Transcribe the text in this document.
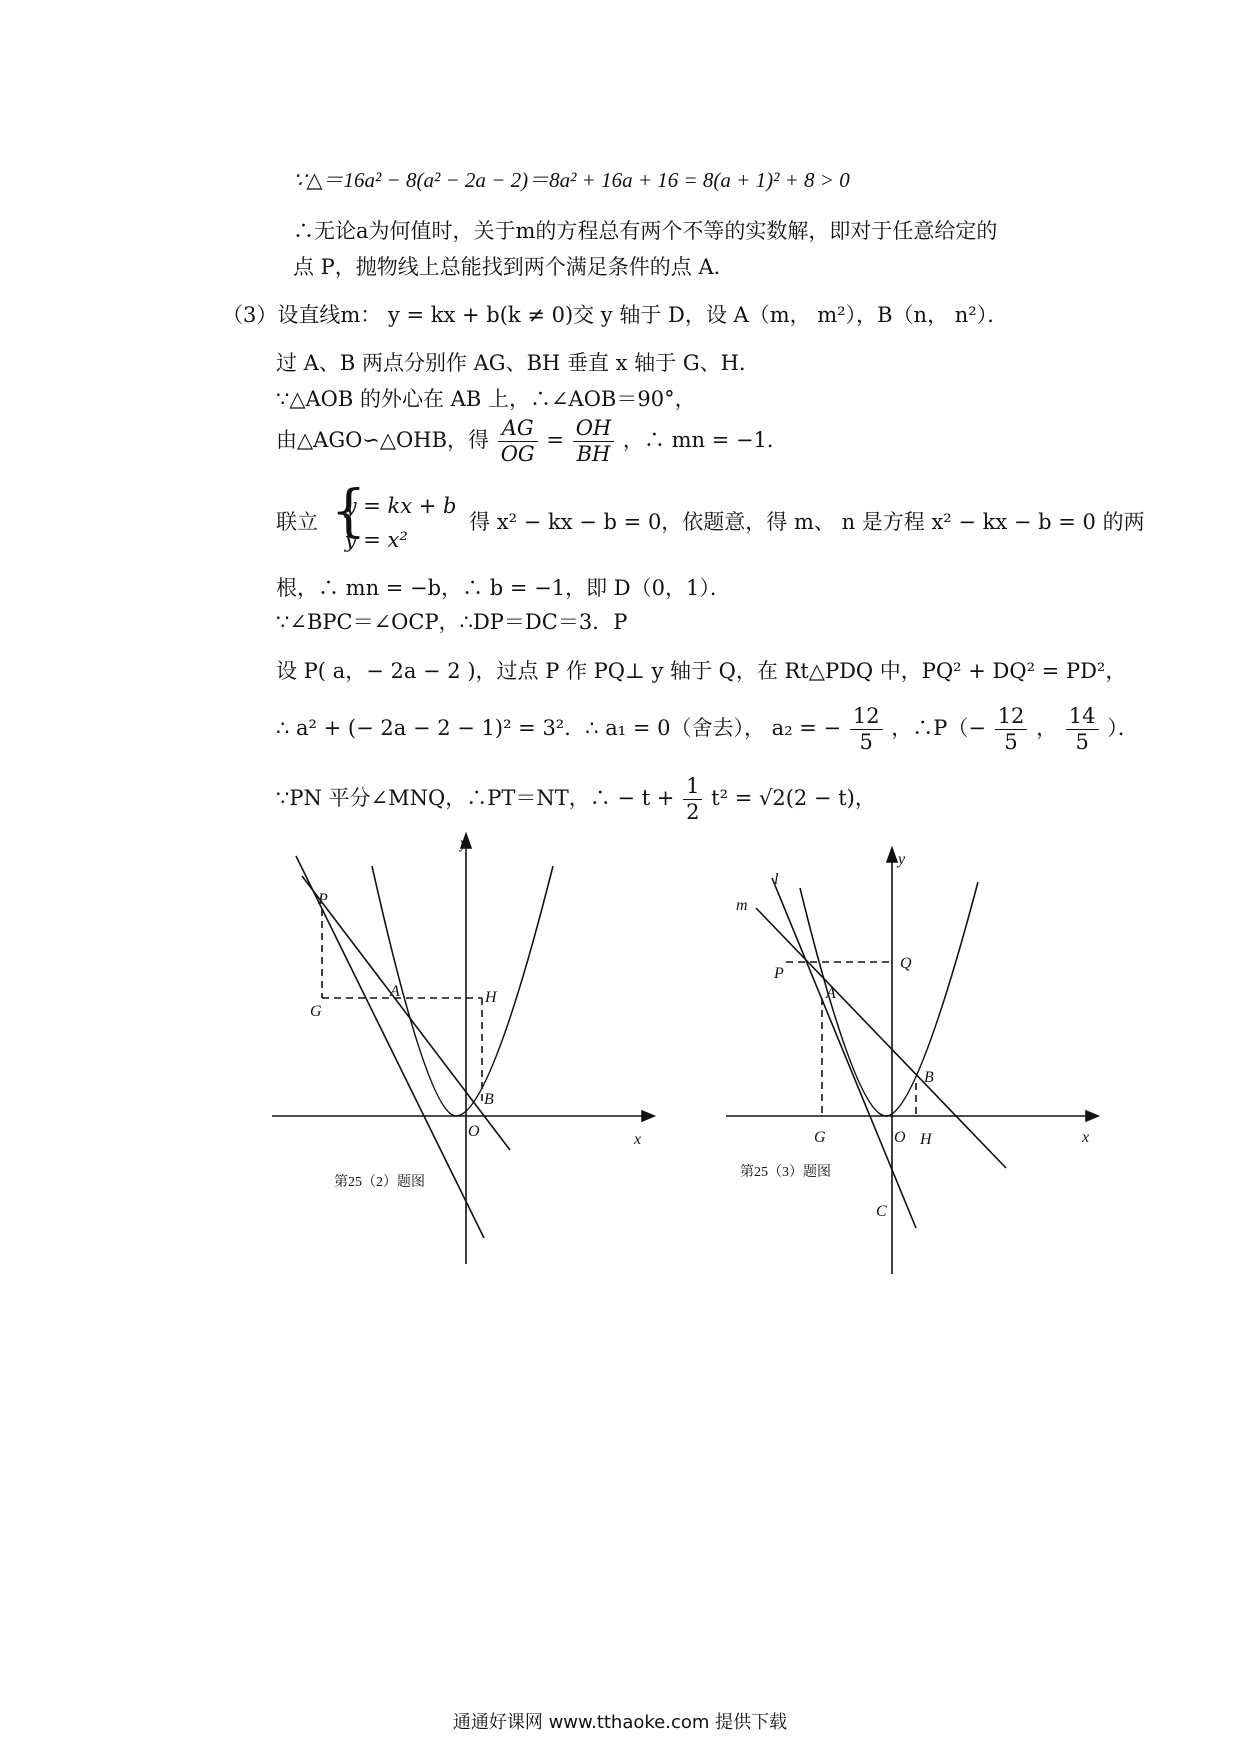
∵△＝16a² − 8(a² − 2a − 2)＝8a² + 16a + 16 = 8(a + 1)² + 8 > 0
∴无论a为何值时，关于m的方程总有两个不等的实数解，即对于任意给定的
点 P，抛物线上总能找到两个满足条件的点 A．
（3）设直线m： y = kx + b(k ≠ 0)交 y 轴于 D，设 A（m， m²），B（n， n²）．
过 A、B 两点分别作 AG、BH 垂直 x 轴于 G、H．
∵△AOB 的外心在 AB 上，∴∠AOB＝90°，
由△AGO∽△OHB，得 $\frac{AG}{OG} = \frac{OH}{BH}$ ，∴ mn = −1．
联立 {
y = kx + b
y = x²
得 x² − kx − b = 0，依题意，得 m、 n 是方程 x² − kx − b = 0 的两
根，∴ mn = −b，∴ b = −1，即 D（0，1）．
∵∠BPC＝∠OCP，∴DP＝DC＝3．P
设 P( a，− 2a − 2 )，过点 P 作 PQ⊥ y 轴于 Q，在 Rt△PDQ 中，PQ² + DQ² = PD²，
∴ a² + (− 2a − 2 − 1)² = 3²．∴ a₁ = 0（舍去）， a₂ = − $\frac{12}{5}$ ，∴P（− $\frac{12}{5}$ ， $\frac{14}{5}$ ）．
∵PN 平分∠MNQ，∴PT＝NT，∴ − $t + \frac{1}{2} t^2 = √2(2 - t)$，
y
x
P
G
A	H
B
O
第25（2）题图
y
x
l
m
P
Q
A
B
G	O H
C
第25（3）题图
通通好课网 www.tthaoke.com 提供下载
